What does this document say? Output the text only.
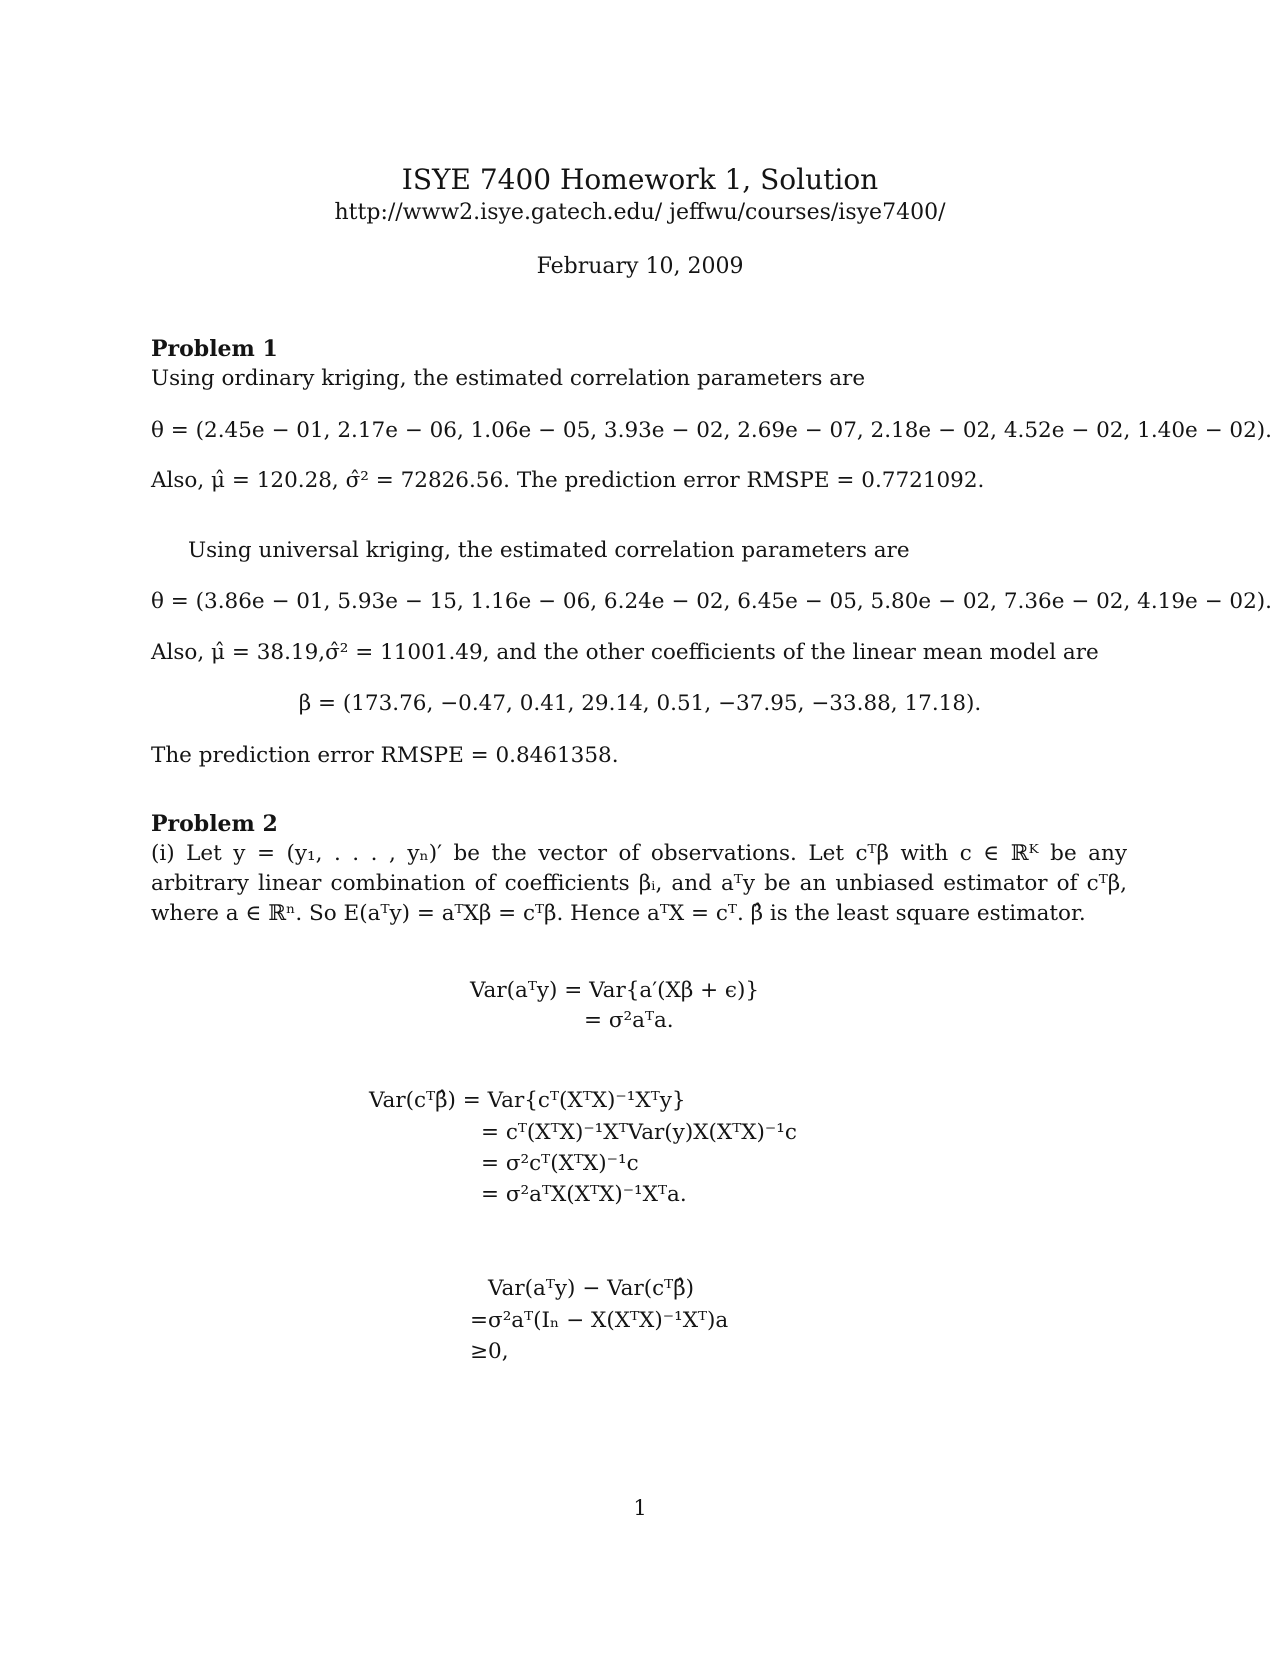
ISYE 7400 Homework 1, Solution
http://www2.isye.gatech.edu/ jeffwu/courses/isye7400/
February 10, 2009
Problem 1
Using ordinary kriging, the estimated correlation parameters are
θ = (2.45e − 01, 2.17e − 06, 1.06e − 05, 3.93e − 02, 2.69e − 07, 2.18e − 02, 4.52e − 02, 1.40e − 02).
Also, μ̂ = 120.28, σ̂² = 72826.56. The prediction error RMSPE = 0.7721092.
Using universal kriging, the estimated correlation parameters are
θ = (3.86e − 01, 5.93e − 15, 1.16e − 06, 6.24e − 02, 6.45e − 05, 5.80e − 02, 7.36e − 02, 4.19e − 02).
Also, μ̂ = 38.19,σ̂² = 11001.49, and the other coefficients of the linear mean model are
β = (173.76, −0.47, 0.41, 29.14, 0.51, −37.95, −33.88, 17.18).
The prediction error RMSPE = 0.8461358.
Problem 2
(i) Let y = (y₁, . . . , yₙ)′ be the vector of observations. Let cᵀβ with c ∈ ℝᴷ be any arbitrary linear combination of coefficients βᵢ, and aᵀy be an unbiased estimator of cᵀβ, where a ∈ ℝⁿ. So E(aᵀy) = aᵀXβ = cᵀβ. Hence aᵀX = cᵀ. β̂ is the least square estimator.
Var(aᵀy) = Var{a′(Xβ + ϵ)}
= σ²aᵀa.
Var(cᵀβ̂) = Var{cᵀ(XᵀX)⁻¹Xᵀy}
= cᵀ(XᵀX)⁻¹XᵀVar(y)X(XᵀX)⁻¹c
= σ²cᵀ(XᵀX)⁻¹c
= σ²aᵀX(XᵀX)⁻¹Xᵀa.
Var(aᵀy) − Var(cᵀβ̂)
=σ²aᵀ(Iₙ − X(XᵀX)⁻¹Xᵀ)a
≥0,
1
